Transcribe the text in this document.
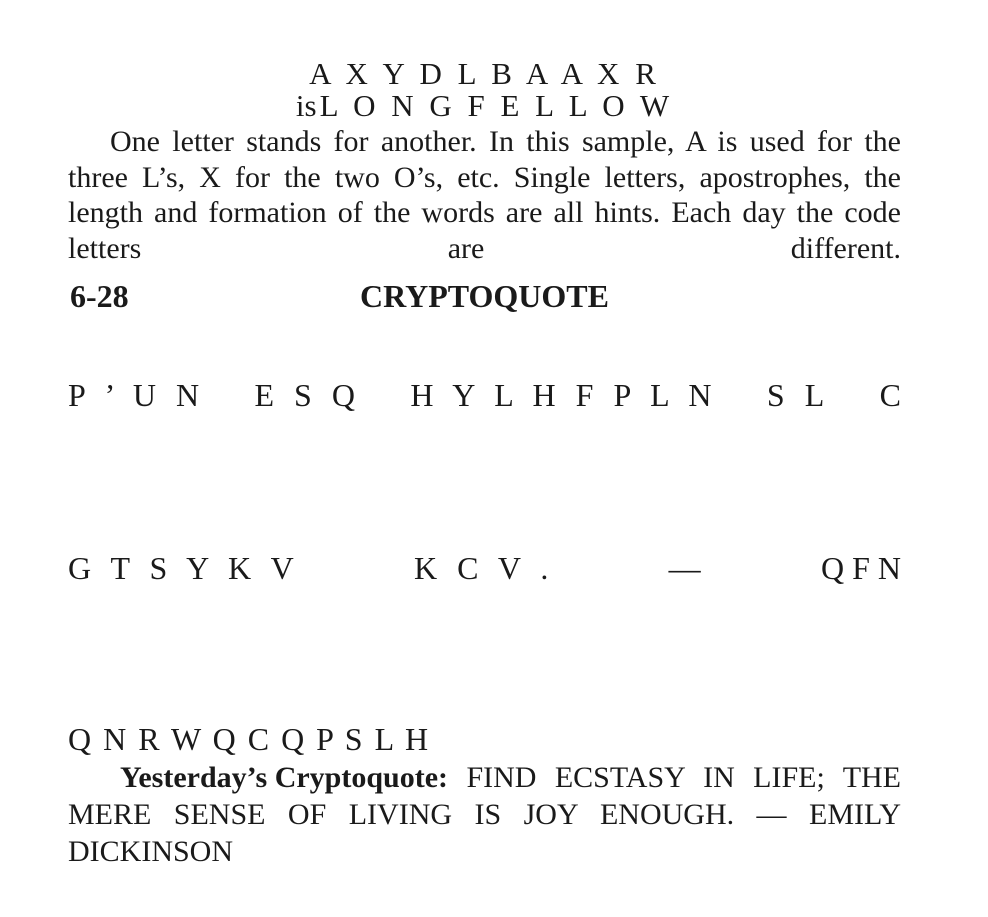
A X Y D L B A A X R
isL O N G F E L L O W
One letter stands for another. In this sample, A is used for the three L’s, X for the two O’s, etc. Single letters, apostrophes, the length and formation of the words are all hints. Each day the code letters are different.
6-28	CRYPTOQUOTE
P ’ U N E S Q H Y L H F P L N S L C
G T S Y K V	K C V .	—	Q F N
Q N R W Q C Q P S L H
Yesterday’s Cryptoquote: FIND ECSTASY IN LIFE; THE MERE SENSE OF LIVING IS JOY ENOUGH. — EMILY DICKINSON
